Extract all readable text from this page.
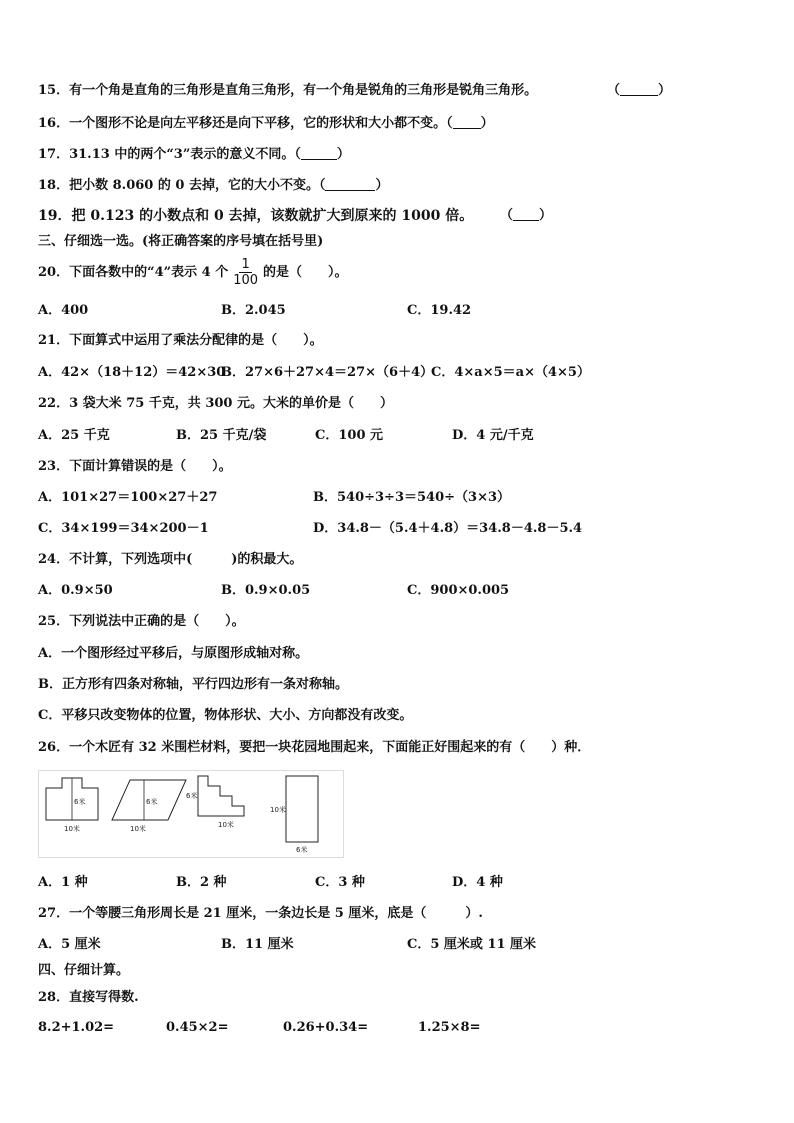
15．有一个角是直角的三角形是直角三角形，有一个角是锐角的三角形是锐角三角形。	（	）
16．一个图形不论是向左平移还是向下平移，它的形状和大小都不变。（ ）
17．31.13 中的两个“3”表示的意义不同。（	）
18．把小数 8.060 的 0 去掉，它的大小不变。（	）
19．把 0.123 的小数点和 0 去掉，该数就扩大到原来的 1000 倍。 （ ）
三、仔细选一选。(将正确答案的序号填在括号里)
20．下面各数中的“4”表示 4 个 $\frac{1}{100}$ 的是（　　）。
A．400	B．2.045	C．19.42
21．下面算式中运用了乘法分配律的是（　　）。
A．42×（18＋12）＝42×30
B．27×6＋27×4＝27×（6＋4）
C．4×a×5＝a×（4×5）
22．3 袋大米 75 千克，共 300 元。大米的单价是（　　）
A．25 千克	B．25 千克/袋	C．100 元	D．4 元/千克
23．下面计算错误的是（　　）。
A．101×27＝100×27＋27	B．540÷3÷3＝540÷（3×3）
C．34×199＝34×200－1	D．34.8－（5.4＋4.8）＝34.8－4.8－5.4
24．不计算，下列选项中(　　　)的积最大。
A．0.9×50	B．0.9×0.05	C．900×0.005
25．下列说法中正确的是（　　）。
A．一个图形经过平移后，与原图形成轴对称。
B．正方形有四条对称轴，平行四边形有一条对称轴。
C．平移只改变物体的位置，物体形状、大小、方向都没有改变。
26．一个木匠有 32 米围栏材料，要把一块花园地围起来，下面能正好围起来的有（　　）种．
6米
10米
6米
10米
6米
10米
10米
6米
A．1 种	B．2 种	C．3 种	D．4 种
27．一个等腰三角形周长是 21 厘米，一条边长是 5 厘米，底是（　　　）.
A．5 厘米	B．11 厘米	C．5 厘米或 11 厘米
四、仔细计算。
28．直接写得数.
8.2+1.02=	0.45×2=	0.26+0.34=	1.25×8=
